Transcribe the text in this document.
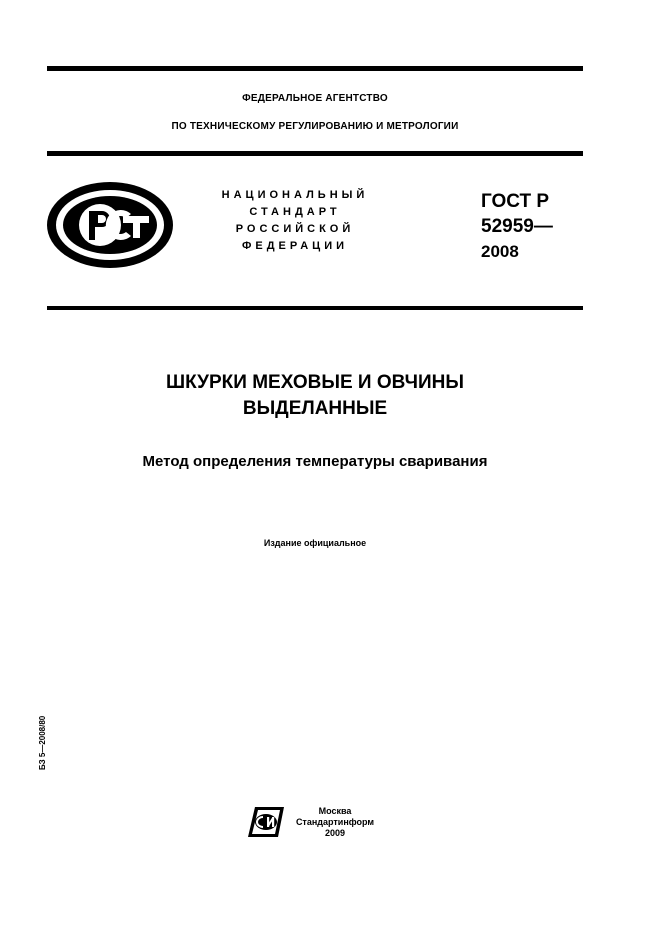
ФЕДЕРАЛЬНОЕ АГЕНТСТВО
ПО ТЕХНИЧЕСКОМУ РЕГУЛИРОВАНИЮ И МЕТРОЛОГИИ
НАЦИОНАЛЬНЫЙ
СТАНДАРТ
РОССИЙСКОЙ
ФЕДЕРАЦИИ
ГОСТ Р
52959—
2008
ШКУРКИ МЕХОВЫЕ И ОВЧИНЫ
ВЫДЕЛАННЫЕ
Метод определения температуры сваривания
Издание официальное
БЗ 5—2008/80
Москва
Стандартинформ
2009
